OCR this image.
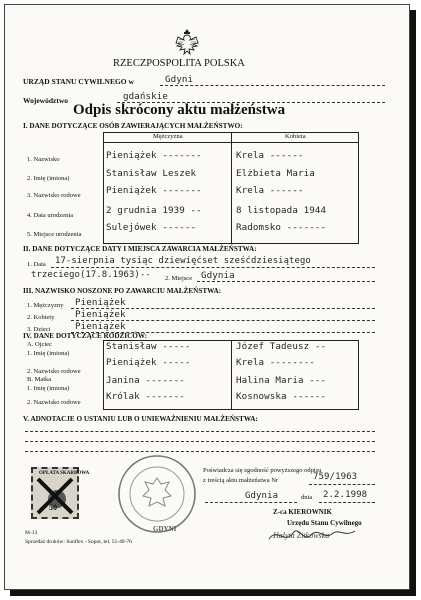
RZECZPOSPOLITA POLSKA
URZĄD STANU CYWILNEGO w	Gdyni
Województwo	gdańskie
Odpis skrócony aktu małżeństwa
I. DANE DOTYCZĄCE OSÓB ZAWIERAJĄCYCH MAŁŻEŃSTWO:
Mężczyzna	Kobieta
1. Nazwisko	Pieniążek -------	Krela ------
2. Imię (imiona)	Stanisław Leszek	Elżbieta Maria
3. Nazwisko rodowe	Pieniążek -------	Krela ------
4. Data urodzenia	2 grudnia 1939 --	8 listopada 1944
5. Miejsce urodzenia
Sulejówek ------	Radomsko -------
II. DANE DOTYCZĄCE DATY I MIEJSCA ZAWARCIA MAŁŻEŃSTWA:
1. Data 17-sierpnia tysiąc dziewięćset sześćdziesiątego
trzeciego(17.8.1963)-- 2. Miejsce Gdynia
III. NAZWISKO NOSZONE PO ZAWARCIU MAŁŻEŃSTWA:
1. Mężczyzny Pieniążek
2. Kobiety Pieniążek
3. Dzieci	Pieniążek
IV. DANE DOTYCZĄCE RODZICÓW:
A. Ojciec
1. Imię (imiona)
Stanisław -----	Józef Tadeusz --
2. Nazwisko rodowe
Pieniążek -----	Krela --------
B. Matka
1. Imię (imiona)
Janina -------	Halina Maria ---
2. Nazwisko rodowe
Królak -------	Kosnowska ------
V. ADNOTACJE O USTANIU LUB O UNIEWAŻNIENIU MAŁŻEŃSTWA:
OPŁATA SKARBOWA
50
M-13
Sprzedaż druków: Sunflex - Sopot, tel. 51-48-76
GDYNI
Poświadcza się zgodność powyższego odpisu
z treścią aktu małżeństwa Nr	759/1963
Gdynia	dnia 2.2.1998
Z-ca KIEROWNIK
Urzędu Stanu Cywilnego
Halyta Zitkowska
